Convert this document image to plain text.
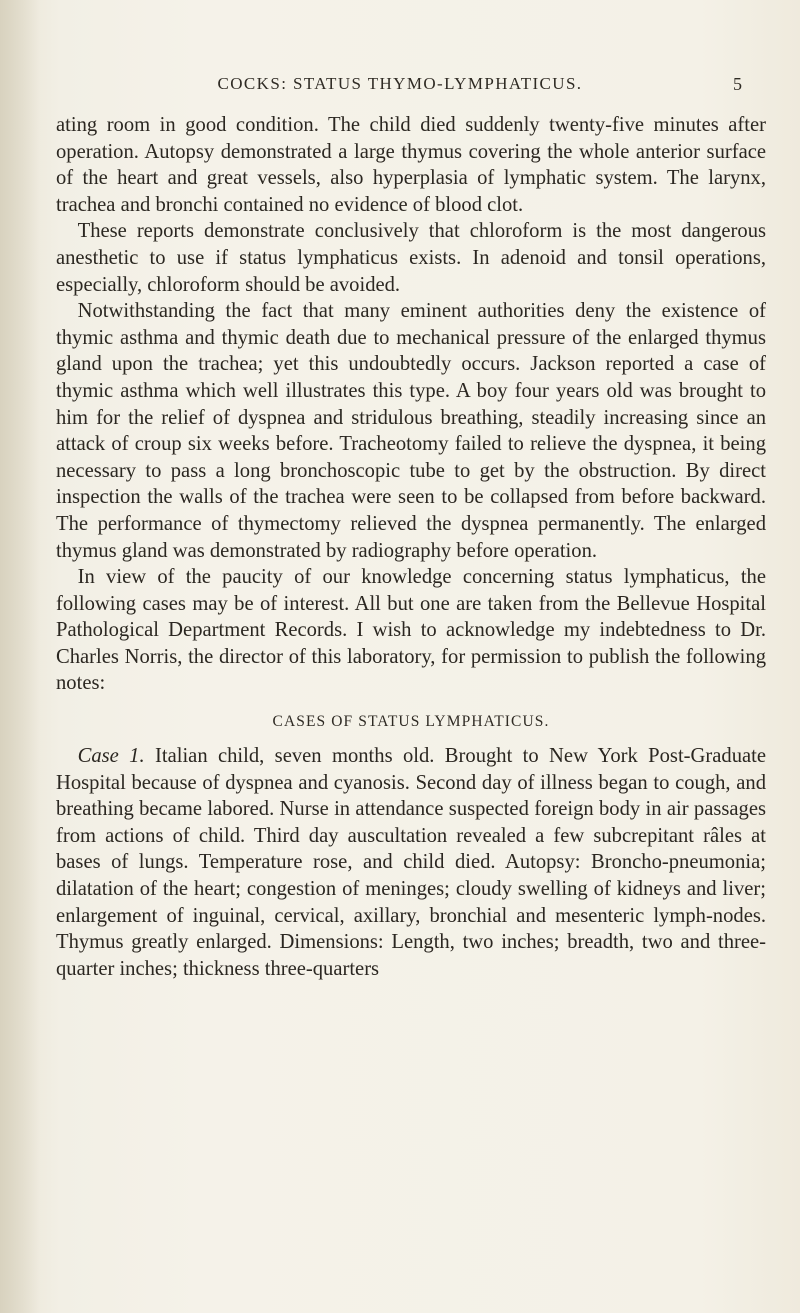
COCKS: STATUS THYMO-LYMPHATICUS.	5

ating room in good condition. The child died suddenly twenty-five minutes after operation. Autopsy demonstrated a large thymus covering the whole anterior surface of the heart and great vessels, also hyperplasia of lymphatic system. The larynx, trachea and bronchi contained no evidence of blood clot.

These reports demonstrate conclusively that chloroform is the most dangerous anesthetic to use if status lymphaticus exists. In adenoid and tonsil operations, especially, chloroform should be avoided.

Notwithstanding the fact that many eminent authorities deny the existence of thymic asthma and thymic death due to mechanical pressure of the enlarged thymus gland upon the trachea; yet this undoubtedly occurs. Jackson reported a case of thymic asthma which well illustrates this type. A boy four years old was brought to him for the relief of dyspnea and stridulous breathing, steadily increasing since an attack of croup six weeks before. Tracheotomy failed to relieve the dyspnea, it being necessary to pass a long bronchoscopic tube to get by the obstruction. By direct inspection the walls of the trachea were seen to be collapsed from before backward. The performance of thymectomy relieved the dyspnea permanently. The enlarged thymus gland was demonstrated by radiography before operation.

In view of the paucity of our knowledge concerning status lymphaticus, the following cases may be of interest. All but one are taken from the Bellevue Hospital Pathological Department Records. I wish to acknowledge my indebtedness to Dr. Charles Norris, the director of this laboratory, for permission to publish the following notes:

CASES OF STATUS LYMPHATICUS.

Case 1. Italian child, seven months old. Brought to New York Post-Graduate Hospital because of dyspnea and cyanosis. Second day of illness began to cough, and breathing became labored. Nurse in attendance suspected foreign body in air passages from actions of child. Third day auscultation revealed a few subcrepitant râles at bases of lungs. Temperature rose, and child died. Autopsy: Broncho-pneumonia; dilatation of the heart; congestion of meninges; cloudy swelling of kidneys and liver; enlargement of inguinal, cervical, axillary, bronchial and mesenteric lymph-nodes. Thymus greatly enlarged. Dimensions: Length, two inches; breadth, two and three-quarter inches; thickness three-quarters
